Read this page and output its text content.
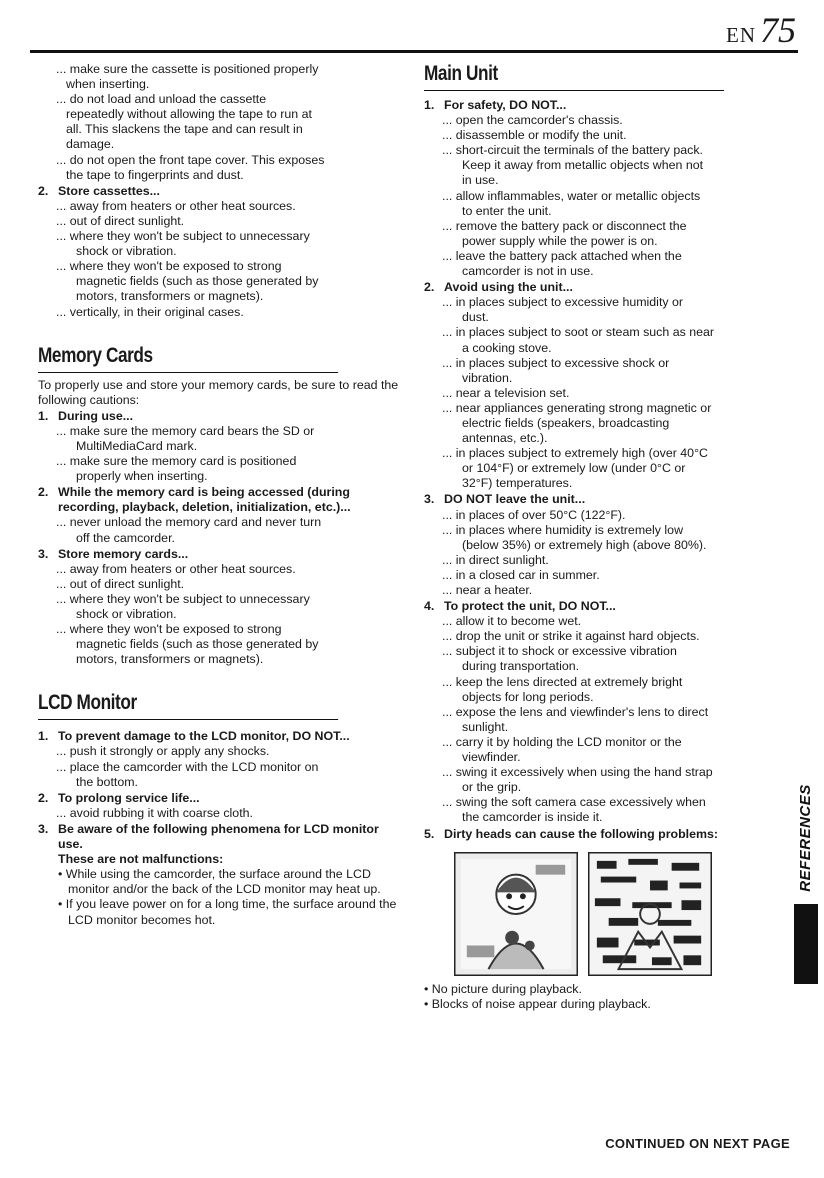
EN 75
... make sure the cassette is positioned properly
when inserting.
... do not load and unload the cassette
repeatedly without allowing the tape to run at
all. This slackens the tape and can result in
damage.
... do not open the front tape cover. This exposes
the tape to fingerprints and dust.
2. Store cassettes...
... away from heaters or other heat sources.
... out of direct sunlight.
... where they won't be subject to unnecessary
shock or vibration.
... where they won't be exposed to strong
magnetic fields (such as those generated by
motors, transformers or magnets).
... vertically, in their original cases.
Memory Cards
To properly use and store your memory cards, be sure to read the following cautions:
1. During use...
... make sure the memory card bears the SD or
MultiMediaCard mark.
... make sure the memory card is positioned
properly when inserting.
2. While the memory card is being accessed (during recording, playback, deletion, initialization, etc.)...
... never unload the memory card and never turn
off the camcorder.
3. Store memory cards...
... away from heaters or other heat sources.
... out of direct sunlight.
... where they won't be subject to unnecessary
shock or vibration.
... where they won't be exposed to strong
magnetic fields (such as those generated by
motors, transformers or magnets).
LCD Monitor
1. To prevent damage to the LCD monitor, DO NOT...
... push it strongly or apply any shocks.
... place the camcorder with the LCD monitor on
the bottom.
2. To prolong service life...
... avoid rubbing it with coarse cloth.
3. Be aware of the following phenomena for LCD monitor use.
These are not malfunctions:
• While using the camcorder, the surface around the LCD monitor and/or the back of the LCD monitor may heat up.
• If you leave power on for a long time, the surface around the LCD monitor becomes hot.
Main Unit
1. For safety, DO NOT...
... open the camcorder's chassis.
... disassemble or modify the unit.
... short-circuit the terminals of the battery pack.
Keep it away from metallic objects when not
in use.
... allow inflammables, water or metallic objects
to enter the unit.
... remove the battery pack or disconnect the
power supply while the power is on.
... leave the battery pack attached when the
camcorder is not in use.
2. Avoid using the unit...
... in places subject to excessive humidity or
dust.
... in places subject to soot or steam such as near
a cooking stove.
... in places subject to excessive shock or
vibration.
... near a television set.
... near appliances generating strong magnetic or
electric fields (speakers, broadcasting
antennas, etc.).
... in places subject to extremely high (over 40°C
or 104°F) or extremely low (under 0°C or
32°F) temperatures.
3. DO NOT leave the unit...
... in places of over 50°C (122°F).
... in places where humidity is extremely low
(below 35%) or extremely high (above 80%).
... in direct sunlight.
... in a closed car in summer.
... near a heater.
4. To protect the unit, DO NOT...
... allow it to become wet.
... drop the unit or strike it against hard objects.
... subject it to shock or excessive vibration
during transportation.
... keep the lens directed at extremely bright
objects for long periods.
... expose the lens and viewfinder's lens to direct
sunlight.
... carry it by holding the LCD monitor or the
viewfinder.
... swing it excessively when using the hand strap
or the grip.
... swing the soft camera case excessively when
the camcorder is inside it.
5. Dirty heads can cause the following problems:
• No picture during playback.
• Blocks of noise appear during playback.
CONTINUED ON NEXT PAGE
REFERENCES
